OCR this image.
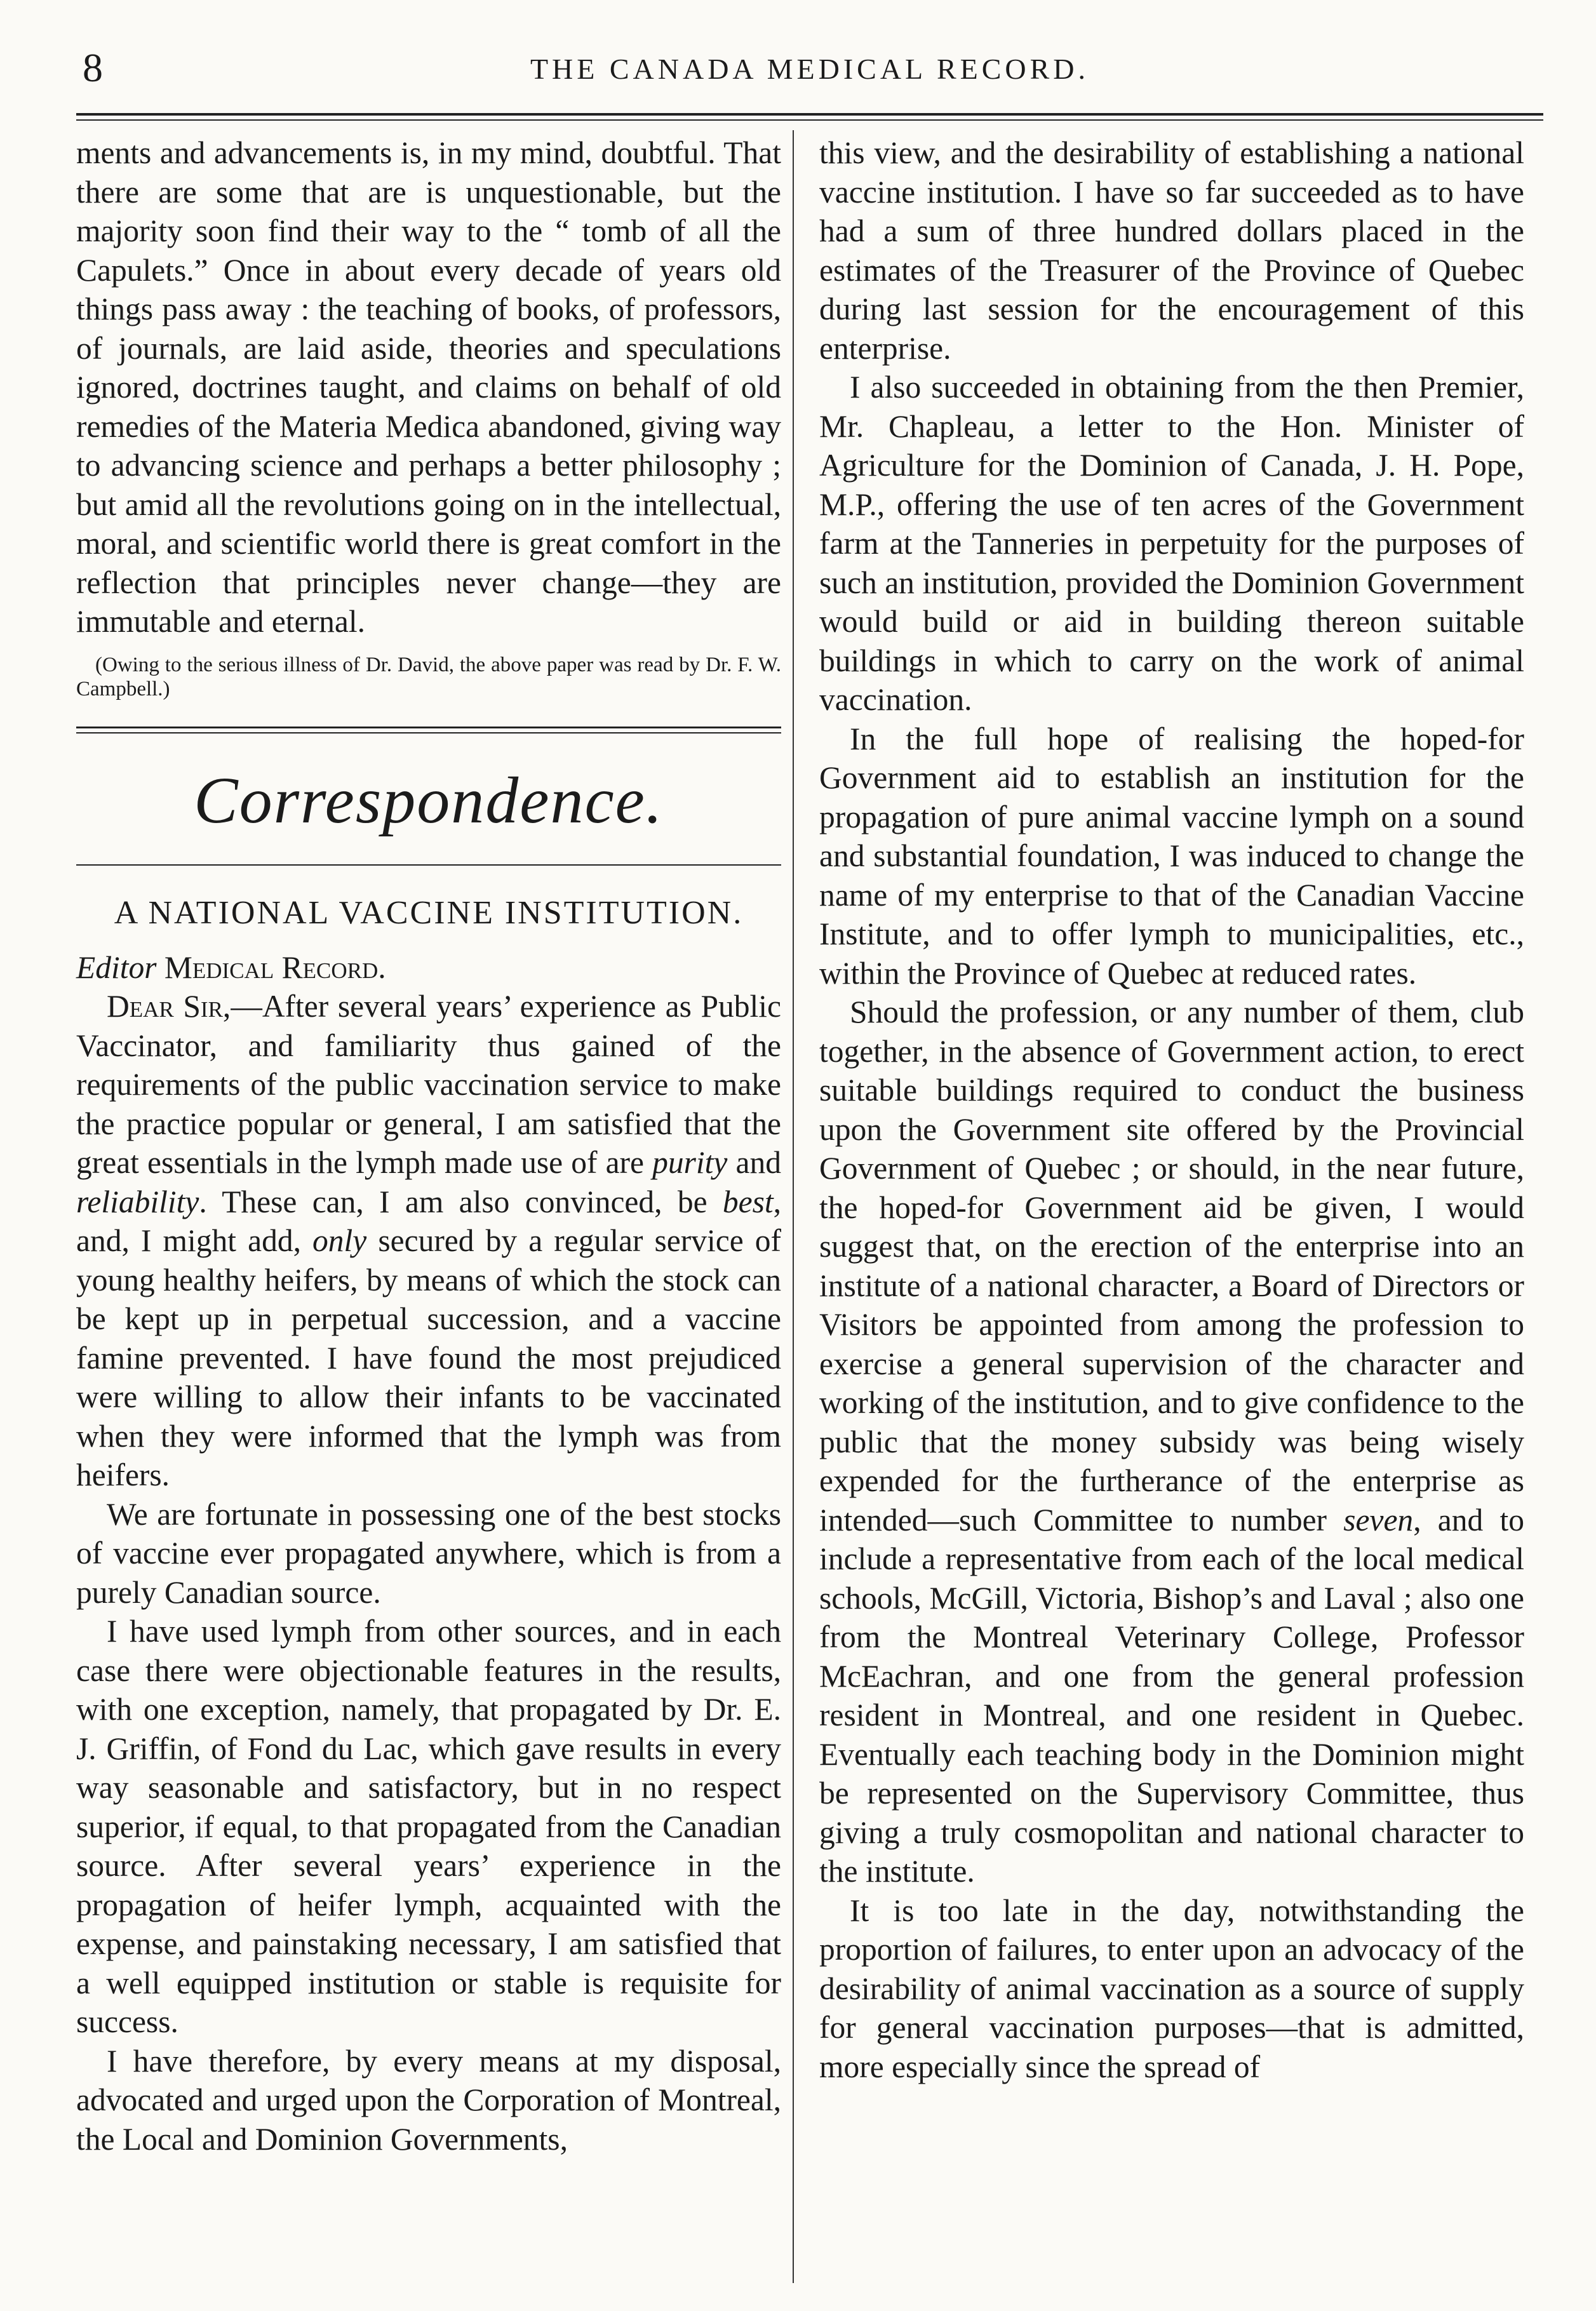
8	THE CANADA MEDICAL RECORD.

ments and advancements is, in my mind, doubtful. That there are some that are is unquestionable, but the majority soon find their way to the “ tomb of all the Capulets.” Once in about every decade of years old things pass away : the teaching of books, of professors, of journals, are laid aside, theories and speculations ignored, doctrines taught, and claims on behalf of old remedies of the Materia Medica abandoned, giving way to advancing science and perhaps a better philosophy ; but amid all the revolutions going on in the intellectual, moral, and scientific world there is great comfort in the reflection that principles never change—they are immutable and eternal.

(Owing to the serious illness of Dr. David, the above paper was read by Dr. F. W. Campbell.)

Correspondence.
A NATIONAL VACCINE INSTITUTION.

Editor Medical Record.

Dear Sir,—After several years’ experience as Public Vaccinator, and familiarity thus gained of the requirements of the public vaccination service to make the practice popular or general, I am satisfied that the great essentials in the lymph made use of are purity and reliability. These can, I am also convinced, be best, and, I might add, only secured by a regular service of young healthy heifers, by means of which the stock can be kept up in perpetual succession, and a vaccine famine prevented. I have found the most prejudiced were willing to allow their infants to be vaccinated when they were informed that the lymph was from heifers.

We are fortunate in possessing one of the best stocks of vaccine ever propagated anywhere, which is from a purely Canadian source.

I have used lymph from other sources, and in each case there were objectionable features in the results, with one exception, namely, that propagated by Dr. E. J. Griffin, of Fond du Lac, which gave results in every way seasonable and satisfactory, but in no respect superior, if equal, to that propagated from the Canadian source. After several years’ experience in the propagation of heifer lymph, acquainted with the expense, and painstaking necessary, I am satisfied that a well equipped institution or stable is requisite for success.

I have therefore, by every means at my disposal, advocated and urged upon the Corporation of Montreal, the Local and Dominion Governments,

this view, and the desirability of establishing a national vaccine institution. I have so far succeeded as to have had a sum of three hundred dollars placed in the estimates of the Treasurer of the Province of Quebec during last session for the encouragement of this enterprise.

I also succeeded in obtaining from the then Premier, Mr. Chapleau, a letter to the Hon. Minister of Agriculture for the Dominion of Canada, J. H. Pope, M.P., offering the use of ten acres of the Government farm at the Tanneries in perpetuity for the purposes of such an institution, provided the Dominion Government would build or aid in building thereon suitable buildings in which to carry on the work of animal vaccination.

In the full hope of realising the hoped-for Government aid to establish an institution for the propagation of pure animal vaccine lymph on a sound and substantial foundation, I was induced to change the name of my enterprise to that of the Canadian Vaccine Institute, and to offer lymph to municipalities, etc., within the Province of Quebec at reduced rates.

Should the profession, or any number of them, club together, in the absence of Government action, to erect suitable buildings required to conduct the business upon the Government site offered by the Provincial Government of Quebec ; or should, in the near future, the hoped-for Government aid be given, I would suggest that, on the erection of the enterprise into an institute of a national character, a Board of Directors or Visitors be appointed from among the profession to exercise a general supervision of the character and working of the institution, and to give confidence to the public that the money subsidy was being wisely expended for the furtherance of the enterprise as intended—such Committee to number seven, and to include a representative from each of the local medical schools, McGill, Victoria, Bishop’s and Laval ; also one from the Montreal Veterinary College, Professor McEachran, and one from the general profession resident in Montreal, and one resident in Quebec. Eventually each teaching body in the Dominion might be represented on the Supervisory Committee, thus giving a truly cosmopolitan and national character to the institute.

It is too late in the day, notwithstanding the proportion of failures, to enter upon an advocacy of the desirability of animal vaccination as a source of supply for general vaccination purposes—that is admitted, more especially since the spread of
